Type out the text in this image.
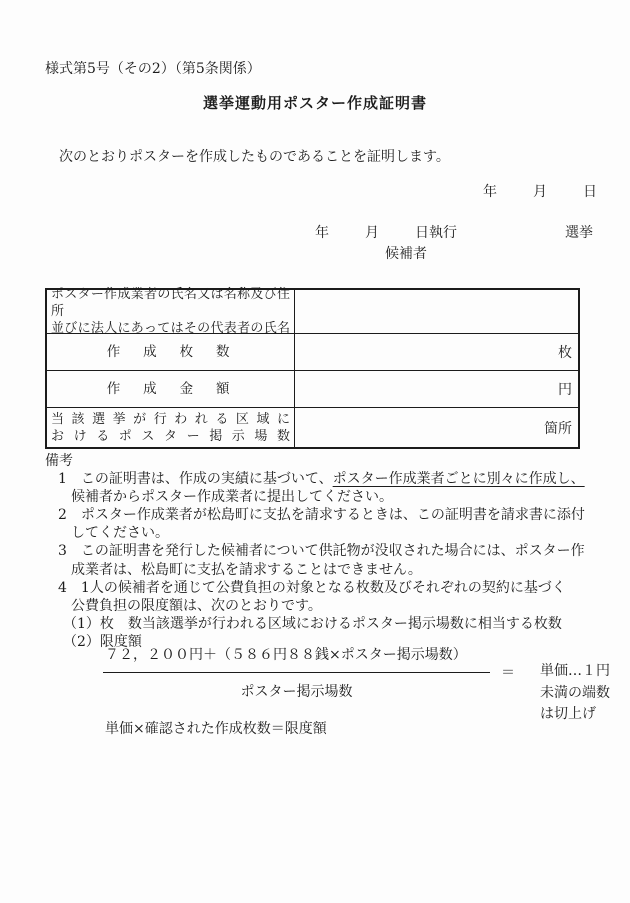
様式第5号（その2）（第5条関係）
選挙運動用ポスター作成証明書
次のとおりポスターを作成したものであることを証明します。
年	月	日
年	月	日執行	選挙
候補者
ポスター作成業者の氏名又は名称及び住所
並びに法人にあってはその代表者の氏名
作　成　枚　数	枚
作　成　金　額	円
当該選挙が行われる区域に
おけるポスター掲示場数	箇所
備考
1　この証明書は、作成の実績に基づいて、ポスター作成業者ごとに別々に作成し、
候補者からポスター作成業者に提出してください。
2　ポスター作成業者が松島町に支払を請求するときは、この証明書を請求書に添付
してください。
3　この証明書を発行した候補者について供託物が没収された場合には、ポスター作
成業者は、松島町に支払を請求することはできません。
4　1人の候補者を通じて公費負担の対象となる枚数及びそれぞれの契約に基づく
公費負担の限度額は、次のとおりです。
（1）枚　数当該選挙が行われる区域におけるポスター掲示場数に相当する枚数
（2）限度額
７２，２００円＋（５８６円８８銭×ポスター掲示場数）
ポスター掲示場数
＝ 単価…１円
未満の端数
は切上げ
単価×確認された作成枚数＝限度額
